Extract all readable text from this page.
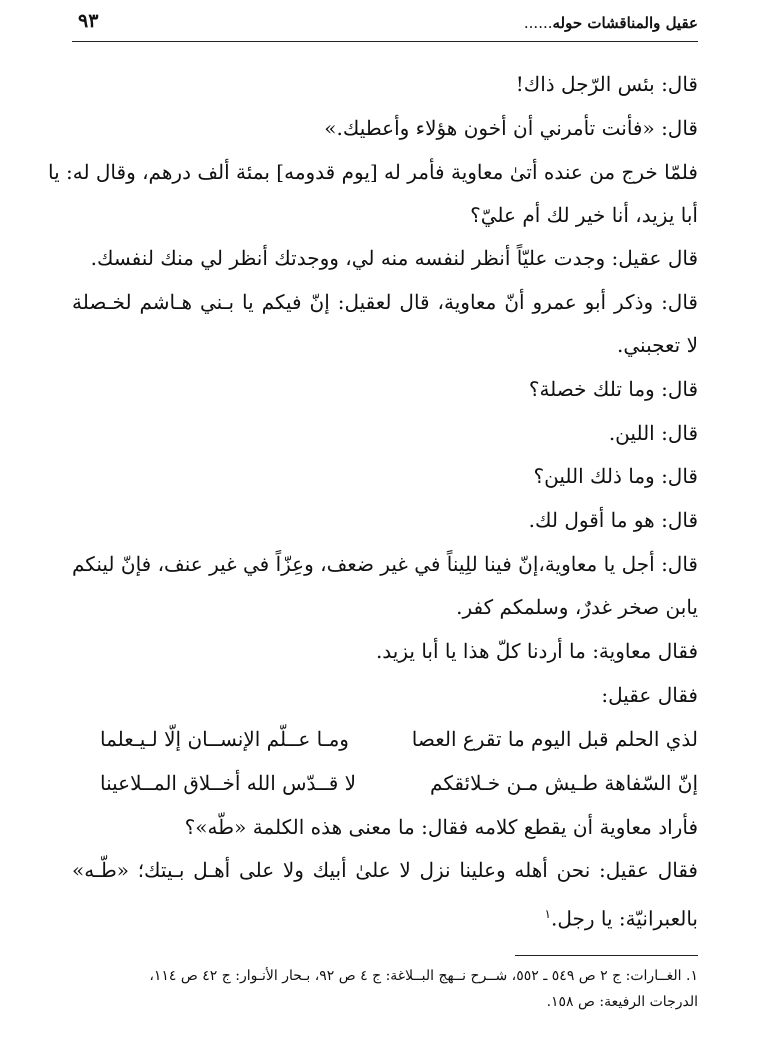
عقيل والمناقشات حوله......
٩٣
قال: بئس الرّجل ذاك!
قال: «فأنت تأمرني أن أخون هؤلاء وأعطيك.»
فلمّا خرج من عنده أتىٰ معاوية فأمر له [يوم قدومه] بمئة ألف درهم، وقال له: يا
أبا يزيد، أنا خير لك أم عليّ؟
قال عقيل: وجدت عليّاً أنظر لنفسه منه لي، ووجدتك أنظر لي منك لنفسك.
قال: وذكر أبو عمرو أنّ معاوية، قال لعقيل: إنّ فيكم يا بـني هـاشم لخـصلة
لا تعجبني.
قال: وما تلك خصلة؟
قال: اللين.
قال: وما ذلك اللين؟
قال: هو ما أقول لك.
قال: أجل يا معاوية،إنّ فينا للِيناً في غير ضعف، وعِزّاً في غير عنف، فإنّ لينكم
يابن صخر غدرٌ، وسلمكم كفر.
فقال معاوية: ما أردنا كلّ هذا يا أبا يزيد.
فقال عقيل:
لذي الحلم قبل اليوم ما تقرع العصا
ومـا عــلّم الإنســان إلّا لـيـعلما
إنّ السّفاهة طـيش مـن خـلائقكم
لا قــدّس الله أخــلاق المــلاعينا
فأراد معاوية أن يقطع كلامه فقال: ما معنى هذه الكلمة «طّه»؟
فقال عقيل: نحن أهله وعلينا نزل لا علىٰ أبيك ولا على أهـل بـيتك؛ «طّـه»
بالعبرانيّة: يا رجل.$^١$
١. الغــارات: ج ٢ ص ٥٤٩ ـ ٥٥٢، شــرح نــهج البــلاغة: ج ٤ ص ٩٢، بـحار الأنـوار: ج ٤٢ ص ١١٤،
الدرجات الرفيعة: ص ١٥٨.
